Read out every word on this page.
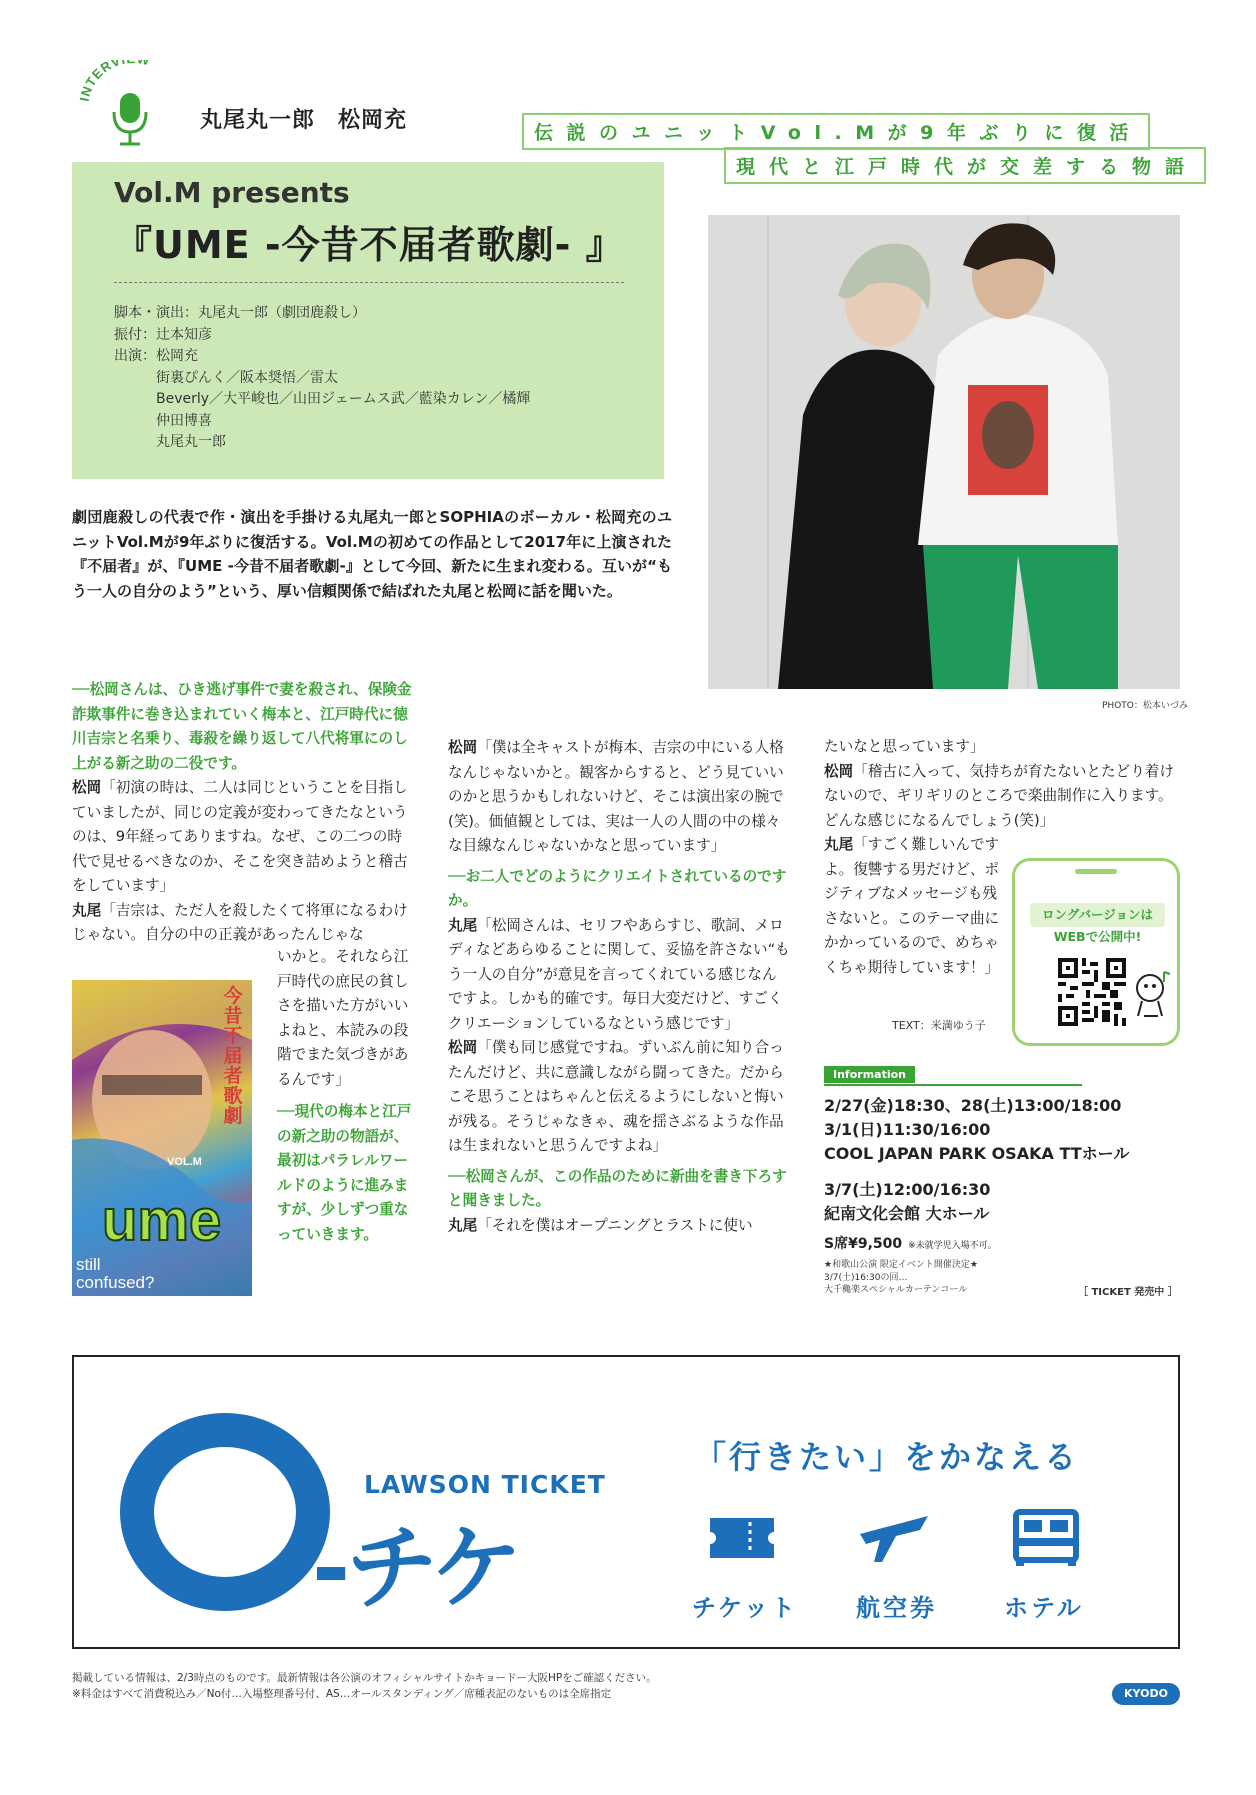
INTERV
丸尾丸一郎　松岡充	伝説のユニットVol.Mが9年ぶりに復活
現代と江戸時代が交差する物語
Vol.M presents
『UME -今昔不届者歌劇- 』
脚本・演出：丸尾丸一郎（劇団鹿殺し）
振付：辻本知彦
出演：松岡充
街裏ぴんく／阪本奨悟／雷太
Beverly／大平峻也／山田ジェームス武／藍染カレン／橘輝
仲田博喜
丸尾丸一郎
PHOTO：松本いづみ
劇団鹿殺しの代表で作・演出を手掛ける丸尾丸一郎とSOPHIAのボーカル・松岡充のユニットVol.Mが9年ぶりに復活する。Vol.Mの初めての作品として2017年に上演された『不届者』が、『UME -今昔不届者歌劇-』として今回、新たに生まれ変わる。互いが“もう一人の自分のよう”という、厚い信頼関係で結ばれた丸尾と松岡に話を聞いた。
──松岡さんは、ひき逃げ事件で妻を殺され、保険金詐欺事件に巻き込まれていく梅本と、江戸時代に徳川吉宗と名乗り、毒殺を繰り返して八代将軍にのし上がる新之助の二役です。
松岡「初演の時は、二人は同じということを目指していましたが、同じの定義が変わってきたなというのは、9年経ってありますね。なぜ、この二つの時代で見せるべきなのか、そこを突き詰めようと稽古をしています」
丸尾「吉宗は、ただ人を殺したくて将軍になるわけじゃない。自分の中の正義があったんじゃな
いかと。それなら江戸時代の庶民の貧しさを描いた方がいいよねと、本読みの段階でまた気づきがあるんです」

──現代の梅本と江戸の新之助の物語が、最初はパラレルワールドのように進みますが、少しずつ重なっていきます。
VOL.M
ume
still
confused?
今昔不届者歌劇
松岡「僕は全キャストが梅本、吉宗の中にいる人格なんじゃないかと。観客からすると、どう見ていいのかと思うかもしれないけど、そこは演出家の腕で(笑)。価値観としては、実は一人の人間の中の様々な目線なんじゃないかなと思っています」

──お二人でどのようにクリエイトされているのですか。
丸尾「松岡さんは、セリフやあらすじ、歌詞、メロディなどあらゆることに関して、妥協を許さない“もう一人の自分”が意見を言ってくれている感じなんですよ。しかも的確です。毎日大変だけど、すごくクリエーションしているなという感じです」
松岡「僕も同じ感覚ですね。ずいぶん前に知り合ったんだけど、共に意識しながら闘ってきた。だからこそ思うことはちゃんと伝えるようにしないと悔いが残る。そうじゃなきゃ、魂を揺さぶるような作品は生まれないと思うんですよね」

──松岡さんが、この作品のために新曲を書き下ろすと聞きました。
丸尾「それを僕はオープニングとラストに使い
たいなと思っています」
松岡「稽古に入って、気持ちが育たないとたどり着けないので、ギリギリのところで楽曲制作に入ります。どんな感じになるんでしょう(笑)」

丸尾「すごく難しいんですよ。復讐する男だけど、ポジティブなメッセージも残さないと。このテーマ曲にかかっているので、めちゃくちゃ期待しています！」
ロングバージョンは
WEBで公開中!
TEXT：米満ゆう子
Information
2/27(金)18:30、28(土)13:00/18:00
3/1(日)11:30/16:00
COOL JAPAN PARK OSAKA TTホール
3/7(土)12:00/16:30
紀南文化会館 大ホール
S席¥9,500 ※未就学児入場不可。
★和歌山公演 限定イベント開催決定★
3/7(土)16:30の回…
大千穐楽スペシャルカーテンコール	［ TICKET 発売中 ］
LAWSON TICKET
-チケ
「行きたい」をかなえる
チケット 航空券	ホテル
掲載している情報は、2/3時点のものです。最新情報は各公演のオフィシャルサイトかキョードー大阪HPをご確認ください。
※料金はすべて消費税込み／No付…入場整理番号付、AS…オールスタンディング／席種表記のないものは全席指定	KYODO
